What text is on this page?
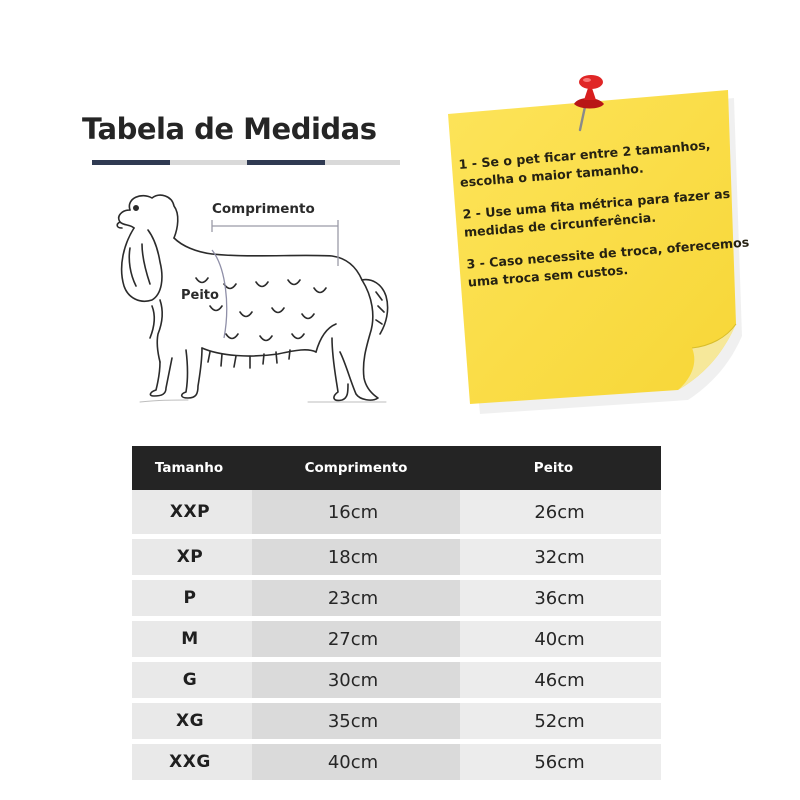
Tabela de Medidas
Comprimento
Peito

1 - Se o pet ficar entre 2 tamanhos, escolha o maior tamanho.

2 - Use uma fita métrica para fazer as medidas de circunferência.

3 - Caso necessite de troca, oferecemos uma troca sem custos.

Tamanho	Comprimento	Peito
XXP	16cm	26cm
XP	18cm	32cm
P	23cm	36cm
M	27cm	40cm
G	30cm	46cm
XG	35cm	52cm
XXG	40cm	56cm
